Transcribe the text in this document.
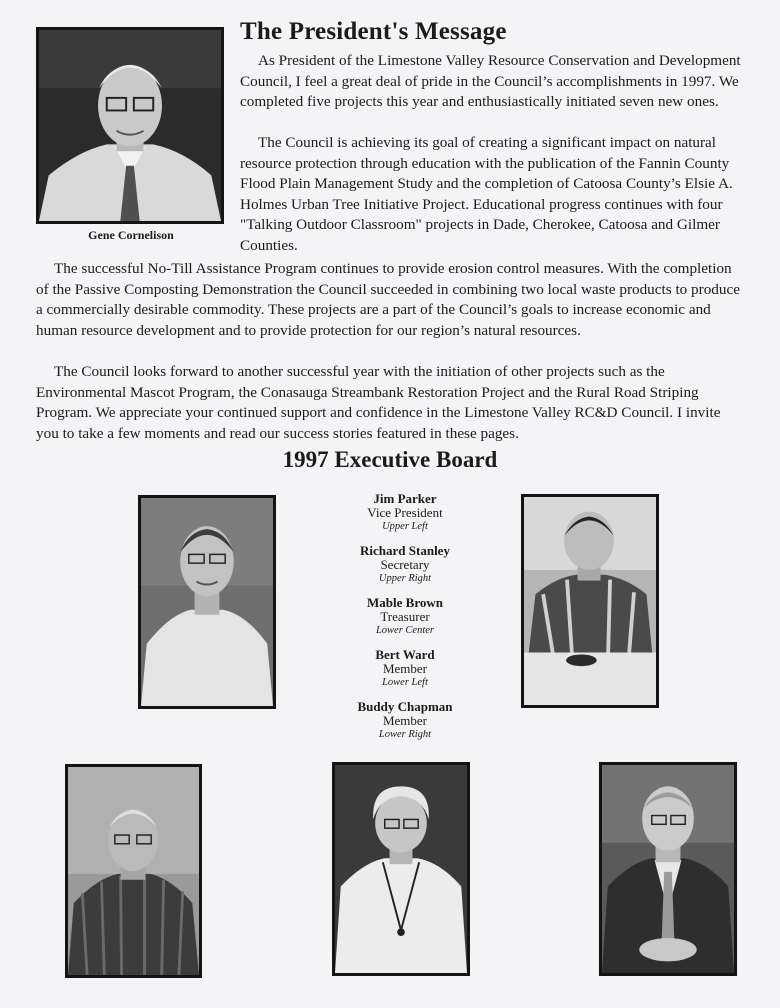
Gene Cornelison
The President's Message

As President of the Limestone Valley Resource Conservation and Development Council, I feel a great deal of pride in the Council’s accomplishments in 1997. We completed five projects this year and enthusiastically initiated seven new ones.

The Council is achieving its goal of creating a significant impact on natural resource protection through education with the publication of the Fannin County Flood Plain Management Study and the completion of Catoosa County’s Elsie A. Holmes Urban Tree Initiative Project. Educational progress continues with four "Talking Outdoor Classroom" projects in Dade, Cherokee, Catoosa and Gilmer Counties.

The successful No-Till Assistance Program continues to provide erosion control measures. With the completion of the Passive Composting Demonstration the Council succeeded in combining two local waste products to produce a commercially desirable commodity. These projects are a part of the Council’s goals to increase economic and human resource development and to provide protection for our region’s natural resources.

The Council looks forward to another successful year with the initiation of other projects such as the Environmental Mascot Program, the Conasauga Streambank Restoration Project and the Rural Road Striping Program. We appreciate your continued support and confidence in the Limestone Valley RC&D Council. I invite you to take a few moments and read our success stories featured in these pages.

1997 Executive Board
Jim Parker
Vice President
Upper Left
Richard Stanley
Secretary
Upper Right
Mable Brown
Treasurer
Lower Center
Bert Ward
Member
Lower Left
Buddy Chapman
Member
Lower Right
